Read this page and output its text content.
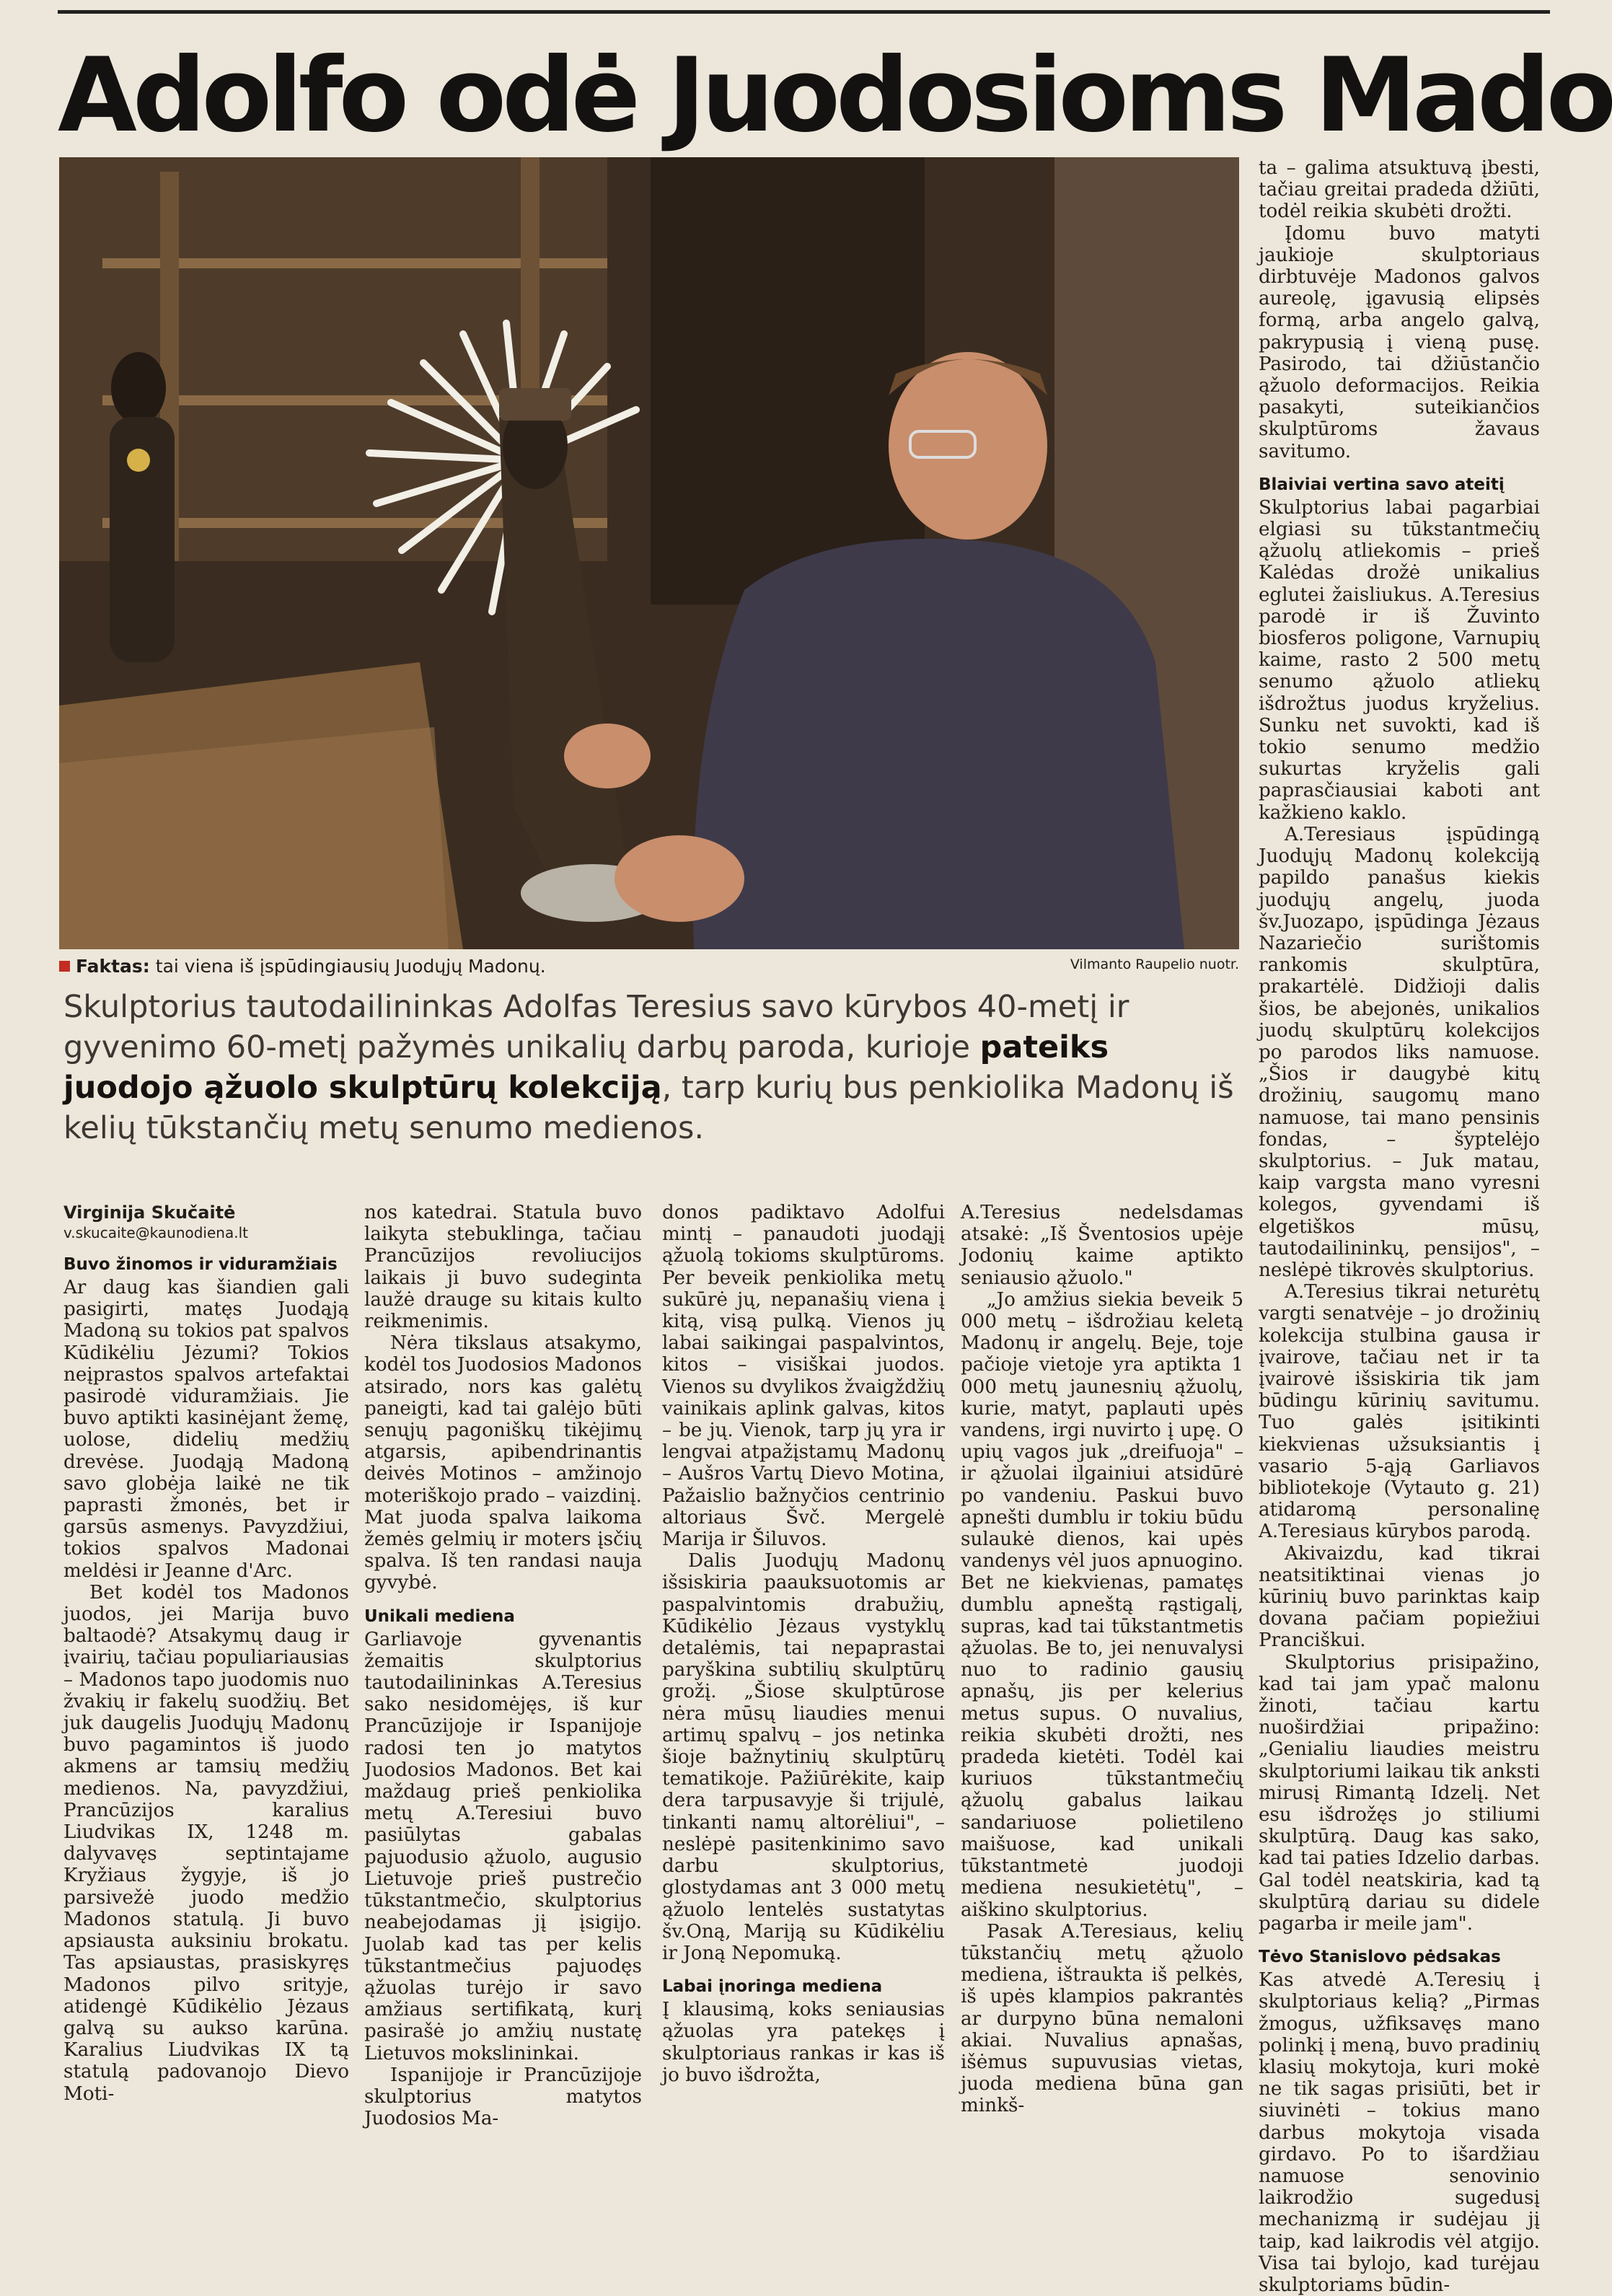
Adolfo odė Juodosioms Mado
Faktas: tai viena iš įspūdingiausių Juodųjų Madonų.	Vilmanto Raupelio nuotr.
Skulptorius tautodailininkas Adolfas Teresius savo kūrybos 40-metį ir gyvenimo 60-metį pažymės unikalių darbų paroda, kurioje pateiks juodojo ąžuolo skulptūrų kolekciją, tarp kurių bus penkiolika Madonų iš kelių tūkstančių metų senumo medienos.
Virginija Skučaitė
v.skucaite@kaunodiena.lt
Buvo žinomos ir viduramžiais

Ar daug kas šiandien gali pasigirti, matęs Juodąją Madoną su tokios pat spalvos Kūdikėliu Jėzumi? Tokios neįprastos spalvos artefaktai pasirodė viduramžiais. Jie buvo aptikti kasinėjant žemę, uolose, didelių medžių drevėse. Juodąją Madoną savo globėja laikė ne tik paprasti žmonės, bet ir garsūs asmenys. Pavyzdžiui, tokios spalvos Madonai meldėsi ir Jeanne d'Arc.

Bet kodėl tos Madonos juodos, jei Marija buvo baltaodė? Atsakymų daug ir įvairių, tačiau populiariausias – Madonos tapo juodomis nuo žvakių ir fakelų suodžių. Bet juk daugelis Juodųjų Madonų buvo pagamintos iš juodo akmens ar tamsių medžių medienos. Na, pavyzdžiui, Prancūzijos karalius Liudvikas IX, 1248 m. dalyvavęs septintajame Kryžiaus žygyje, iš jo parsivežė juodo medžio Madonos statulą. Ji buvo apsiausta auksiniu brokatu. Tas apsiaustas, prasiskyręs Madonos pilvo srityje, atidengė Kūdikėlio Jėzaus galvą su aukso karūna. Karalius Liudvikas IX tą statulą padovanojo Dievo Moti-

nos katedrai. Statula buvo laikyta stebuklinga, tačiau Prancūzijos revoliucijos laikais ji buvo sudeginta laužė drauge su kitais kulto reikmenimis.

Nėra tikslaus atsakymo, kodėl tos Juodosios Madonos atsirado, nors kas galėtų paneigti, kad tai galėjo būti senųjų pagoniškų tikėjimų atgarsis, apibendrinantis deivės Motinos – amžinojo moteriškojo prado – vaizdinį. Mat juoda spalva laikoma žemės gelmių ir moters įsčių spalva. Iš ten randasi nauja gyvybė.

Unikali mediena

Garliavoje gyvenantis žemaitis skulptorius tautodailininkas A.Teresius sako nesidomėjęs, iš kur Prancūzijoje ir Ispanijoje radosi ten jo matytos Juodosios Madonos. Bet kai maždaug prieš penkiolika metų A.Teresiui buvo pasiūlytas gabalas pajuodusio ąžuolo, augusio Lietuvoje prieš pustrečio tūkstantmečio, skulptorius neabejodamas jį įsigijo. Juolab kad tas per kelis tūkstantmečius pajuodęs ąžuolas turėjo ir savo amžiaus sertifikatą, kurį pasirašė jo amžių nustatę Lietuvos mokslininkai.

Ispanijoje ir Prancūzijoje skulptorius matytos Juodosios Ma-

donos padiktavo Adolfui mintį – panaudoti juodąjį ąžuolą tokioms skulptūroms. Per beveik penkiolika metų sukūrė jų, nepanašių vienа į kitą, visą pulką. Vienos jų labai saikingai paspalvintos, kitos – visiškai juodos. Vienos su dvylikos žvaigždžių vainikais aplink galvas, kitos – be jų. Vienok, tarp jų yra ir lengvai atpažįstamų Madonų – Aušros Vartų Dievo Motina, Pažaislio bažnyčios centrinio altoriaus Švč. Mergelė Marija ir Šiluvos.

Dalis Juodųjų Madonų išsiskiria paauksuotomis ar paspalvintomis drabužių, Kūdikėlio Jėzaus vystyklų detalėmis, tai nepaprastai paryškina subtilių skulptūrų grožį. „Šiose skulptūrose nėra mūsų liaudies menui artimų spalvų – jos netinka šioje bažnytinių skulptūrų tematikoje. Pažiūrėkite, kaip dera tarpusavyje ši trijulė, tinkanti namų altorėliui", – neslėpė pasitenkinimo savo darbu skulptorius, glostydamas ant 3 000 metų ąžuolo lentelės sustatytas šv.Oną, Mariją su Kūdikėliu ir Joną Nepomuką.

Labai įnoringa mediena

Į klausimą, koks seniausias ąžuolas yra patekęs į skulptoriaus rankas ir kas iš jo buvo išdrožta,

A.Teresius nedelsdamas atsakė: „Iš Šventosios upėje Jodonių kaime aptikto seniausio ąžuolo."

„Jo amžius siekia beveik 5 000 metų – išdrožiau keletą Madonų ir angelų. Beje, toje pačioje vietoje yra aptikta 1 000 metų jaunesnių ąžuolų, kurie, matyt, paplauti upės vandens, irgi nuvirto į upę. O upių vagos juk „dreifuoja" – ir ąžuolai ilgainiui atsidūrė po vandeniu. Paskui buvo apnešti dumblu ir tokiu būdu sulaukė dienos, kai upės vandenys vėl juos apnuogino. Bet ne kiekvienas, pamatęs dumblu apneštą rąstigalį, supras, kad tai tūkstantmetis ąžuolas. Be to, jei nenuvalysi nuo to radinio gausių apnašų, jis per kelerius metus supus. O nuvalius, reikia skubėti drožti, nes pradeda kietėti. Todėl kai kuriuos tūkstantmečių ąžuolų gabalus laikau sandariuose polietileno maišuose, kad unikali tūkstantmetė juodoji mediena nesukietėtų", – aiškino skulptorius.

Pasak A.Teresiaus, kelių tūkstančių metų ąžuolo mediena, ištraukta iš pelkės, iš upės klampios pakrantės ar durpyno būna nemaloni akiai. Nuvalius apnašas, išėmus supuvusias vietas, juoda mediena būna gan minkš-

ta – galima atsuktuvą įbesti, tačiau greitai pradeda džiūti, todėl reikia skubėti drožti.

Įdomu buvo matyti jaukioje skulptoriaus dirbtuvėje Madonos galvos aureolę, įgavusią elipsės formą, arba angelo galvą, pakrypusią į vieną pusę. Pasirodo, tai džiūstančio ąžuolo deformacijos. Reikia pasakyti, suteikiančios skulptūroms žavaus savitumo.

Blaiviai vertina savo ateitį

Skulptorius labai pagarbiai elgiasi su tūkstantmečių ąžuolų atliekomis – prieš Kalėdas drožė unikalius eglutei žaisliukus. A.Teresius parodė ir iš Žuvinto biosferos poligone, Varnupių kaime, rasto 2 500 metų senumo ąžuolo atliekų išdrožtus juodus kryželius. Sunku net suvokti, kad iš tokio senumo medžio sukurtas kryželis gali paprasčiausiai kaboti ant kažkieno kaklo.

A.Teresiaus įspūdingą Juodųjų Madonų kolekciją papildo panašus kiekis juodųjų angelų, juoda šv.Juozapo, įspūdinga Jėzaus Nazariečio surištomis rankomis skulptūra, prakartėlė. Didžioji dalis šios, be abejonės, unikalios juodų skulptūrų kolekcijos po parodos liks namuose. „Šios ir daugybė kitų drožinių, saugomų mano namuose, tai mano pensinis fondas, – šyptelėjo skulptorius. – Juk matau, kaip vargsta mano vyresni kolegos, gyvendami iš elgetiškos mūsų, tautodailininkų, pensijos", – neslėpė tikrovės skulptorius.

A.Teresius tikrai neturėtų vargti senatvėje – jo drožinių kolekcija stulbina gausa ir įvairove, tačiau net ir ta įvairovė išsiskiria tik jam būdingu kūrinių savitumu. Tuo galės įsitikinti kiekvienas užsuksiantis į vasario 5-ąją Garliavos bibliotekoje (Vytauto g. 21) atidaromą personalinę A.Teresiaus kūrybos parodą.

Akivaizdu, kad tikrai neatsitiktinai vienas jo kūrinių buvo parinktas kaip dovana pačiam popiežiui Pranciškui.

Skulptorius prisipažino, kad tai jam ypač malonu žinoti, tačiau kartu nuoširdžiai pripažino: „Genialiu liaudies meistru skulptoriumi laikau tik anksti mirusį Rimantą Idzelį. Net esu išdrožęs jo stiliumi skulptūrą. Daug kas sako, kad tai paties Idzelio darbas. Gal todėl neatskiria, kad tą skulptūrą dariau su didele pagarba ir meile jam".

Tėvo Stanislovo pėdsakas

Kas atvedė A.Teresių į skulptoriaus kelią? „Pirmas žmogus, užfiksavęs mano polinkį į meną, buvo pradinių klasių mokytoja, kuri mokė ne tik sagas prisiūti, bet ir siuvinėti – tokius mano darbus mokytoja visada girdavo. Po to išardžiau namuose senovinio laikrodžio sugedusį mechanizmą ir sudėjau jį taip, kad laikrodis vėl atgijo. Visa tai bylojo, kad turėjau skulptoriams būdin-
